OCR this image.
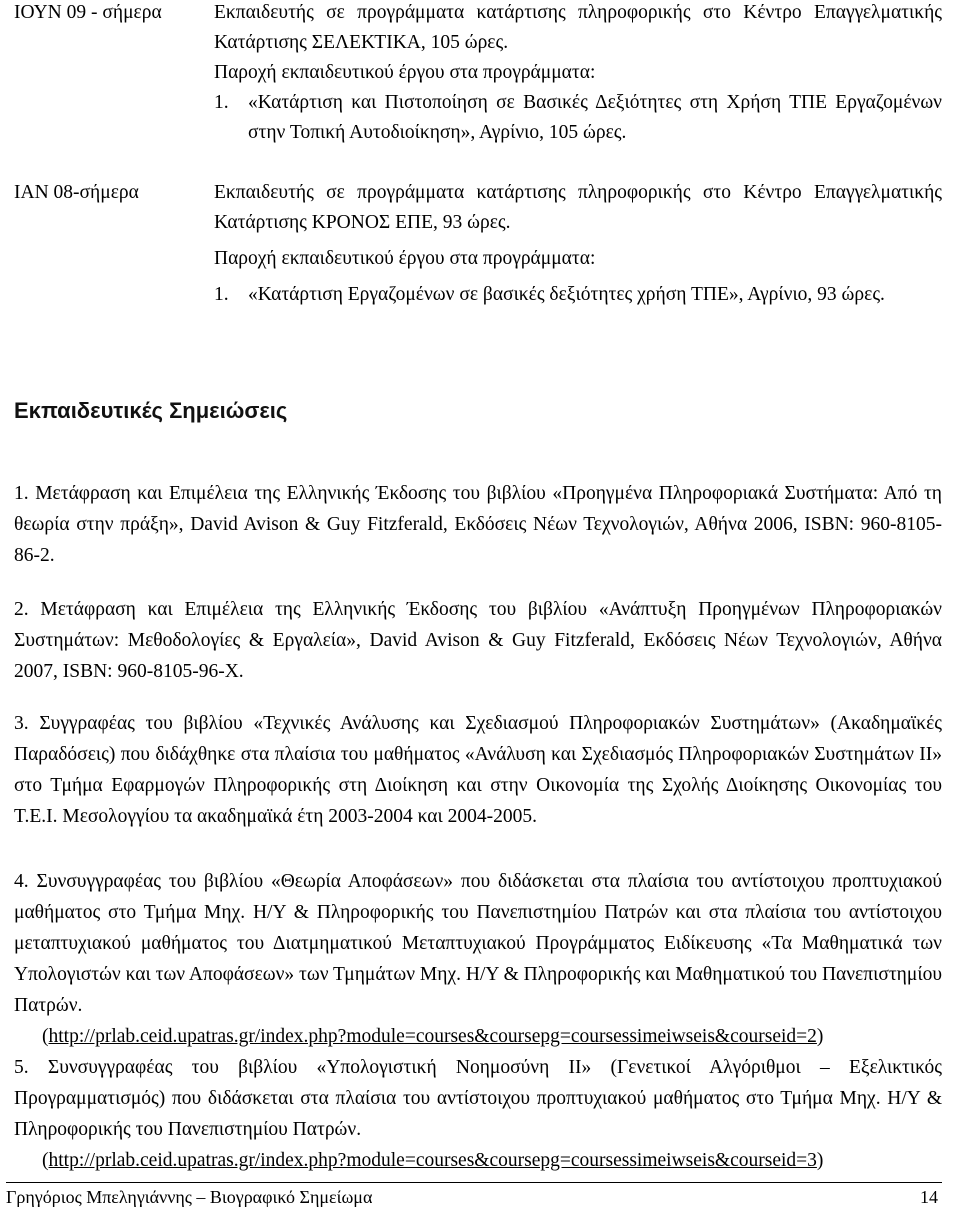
ΙΟΥΝ 09 - σήμερα	Εκπαιδευτής σε προγράμματα κατάρτισης πληροφορικής στο Κέντρο Επαγγελματικής Κατάρτισης ΣΕΛΕΚΤΙΚΑ, 105 ώρες.
Παροχή εκπαιδευτικού έργου στα προγράμματα:
1. «Κατάρτιση και Πιστοποίηση σε Βασικές Δεξιότητες στη Χρήση ΤΠΕ Εργαζομένων στην Τοπική Αυτοδιοίκηση», Αγρίνιο, 105 ώρες.
ΙΑΝ 08-σήμερα	Εκπαιδευτής σε προγράμματα κατάρτισης πληροφορικής στο Κέντρο Επαγγελματικής Κατάρτισης ΚΡΟΝΟΣ ΕΠΕ, 93 ώρες.
Παροχή εκπαιδευτικού έργου στα προγράμματα:
1. «Κατάρτιση Εργαζομένων σε βασικές δεξιότητες χρήση ΤΠΕ», Αγρίνιο, 93 ώρες.
Εκπαιδευτικές Σημειώσεις
1. Μετάφραση και Επιμέλεια της Ελληνικής Έκδοσης του βιβλίου «Προηγμένα Πληροφοριακά Συστήματα: Από τη θεωρία στην πράξη», David Avison & Guy Fitzferald, Εκδόσεις Νέων Τεχνολογιών, Αθήνα 2006, ISBN: 960-8105-86-2.
2. Μετάφραση και Επιμέλεια της Ελληνικής Έκδοσης του βιβλίου «Ανάπτυξη Προηγμένων Πληροφοριακών Συστημάτων: Μεθοδολογίες & Εργαλεία», David Avison & Guy Fitzferald, Εκδόσεις Νέων Τεχνολογιών, Αθήνα 2007, ISBN: 960-8105-96-X.
3. Συγγραφέας του βιβλίου «Τεχνικές Ανάλυσης και Σχεδιασμού Πληροφοριακών Συστημάτων» (Ακαδημαϊκές Παραδόσεις) που διδάχθηκε στα πλαίσια του μαθήματος «Ανάλυση και Σχεδιασμός Πληροφοριακών Συστημάτων ΙΙ» στο Τμήμα Εφαρμογών Πληροφορικής στη Διοίκηση και στην Οικονομία της Σχολής Διοίκησης Οικονομίας του Τ.Ε.Ι. Μεσολογγίου τα ακαδημαϊκά έτη 2003-2004 και 2004-2005.
4. Συνσυγγραφέας του βιβλίου «Θεωρία Αποφάσεων» που διδάσκεται στα πλαίσια του αντίστοιχου προπτυχιακού μαθήματος στο Τμήμα Μηχ. Η/Υ & Πληροφορικής του Πανεπιστημίου Πατρών και στα πλαίσια του αντίστοιχου μεταπτυχιακού μαθήματος του Διατμηματικού Μεταπτυχιακού Προγράμματος Ειδίκευσης «Τα Μαθηματικά των Υπολογιστών και των Αποφάσεων» των Τμημάτων Μηχ. Η/Υ & Πληροφορικής και Μαθηματικού του Πανεπιστημίου Πατρών.
(http://prlab.ceid.upatras.gr/index.php?module=courses&coursepg=coursessimeiwseis&courseid=2)
5. Συνσυγγραφέας του βιβλίου «Υπολογιστική Νοημοσύνη ΙΙ» (Γενετικοί Αλγόριθμοι – Εξελικτικός Προγραμματισμός) που διδάσκεται στα πλαίσια του αντίστοιχου προπτυχιακού μαθήματος στο Τμήμα Μηχ. Η/Υ & Πληροφορικής του Πανεπιστημίου Πατρών.
(http://prlab.ceid.upatras.gr/index.php?module=courses&coursepg=coursessimeiwseis&courseid=3)
Γρηγόριος Μπεληγιάννης – Βιογραφικό Σημείωμα	14
